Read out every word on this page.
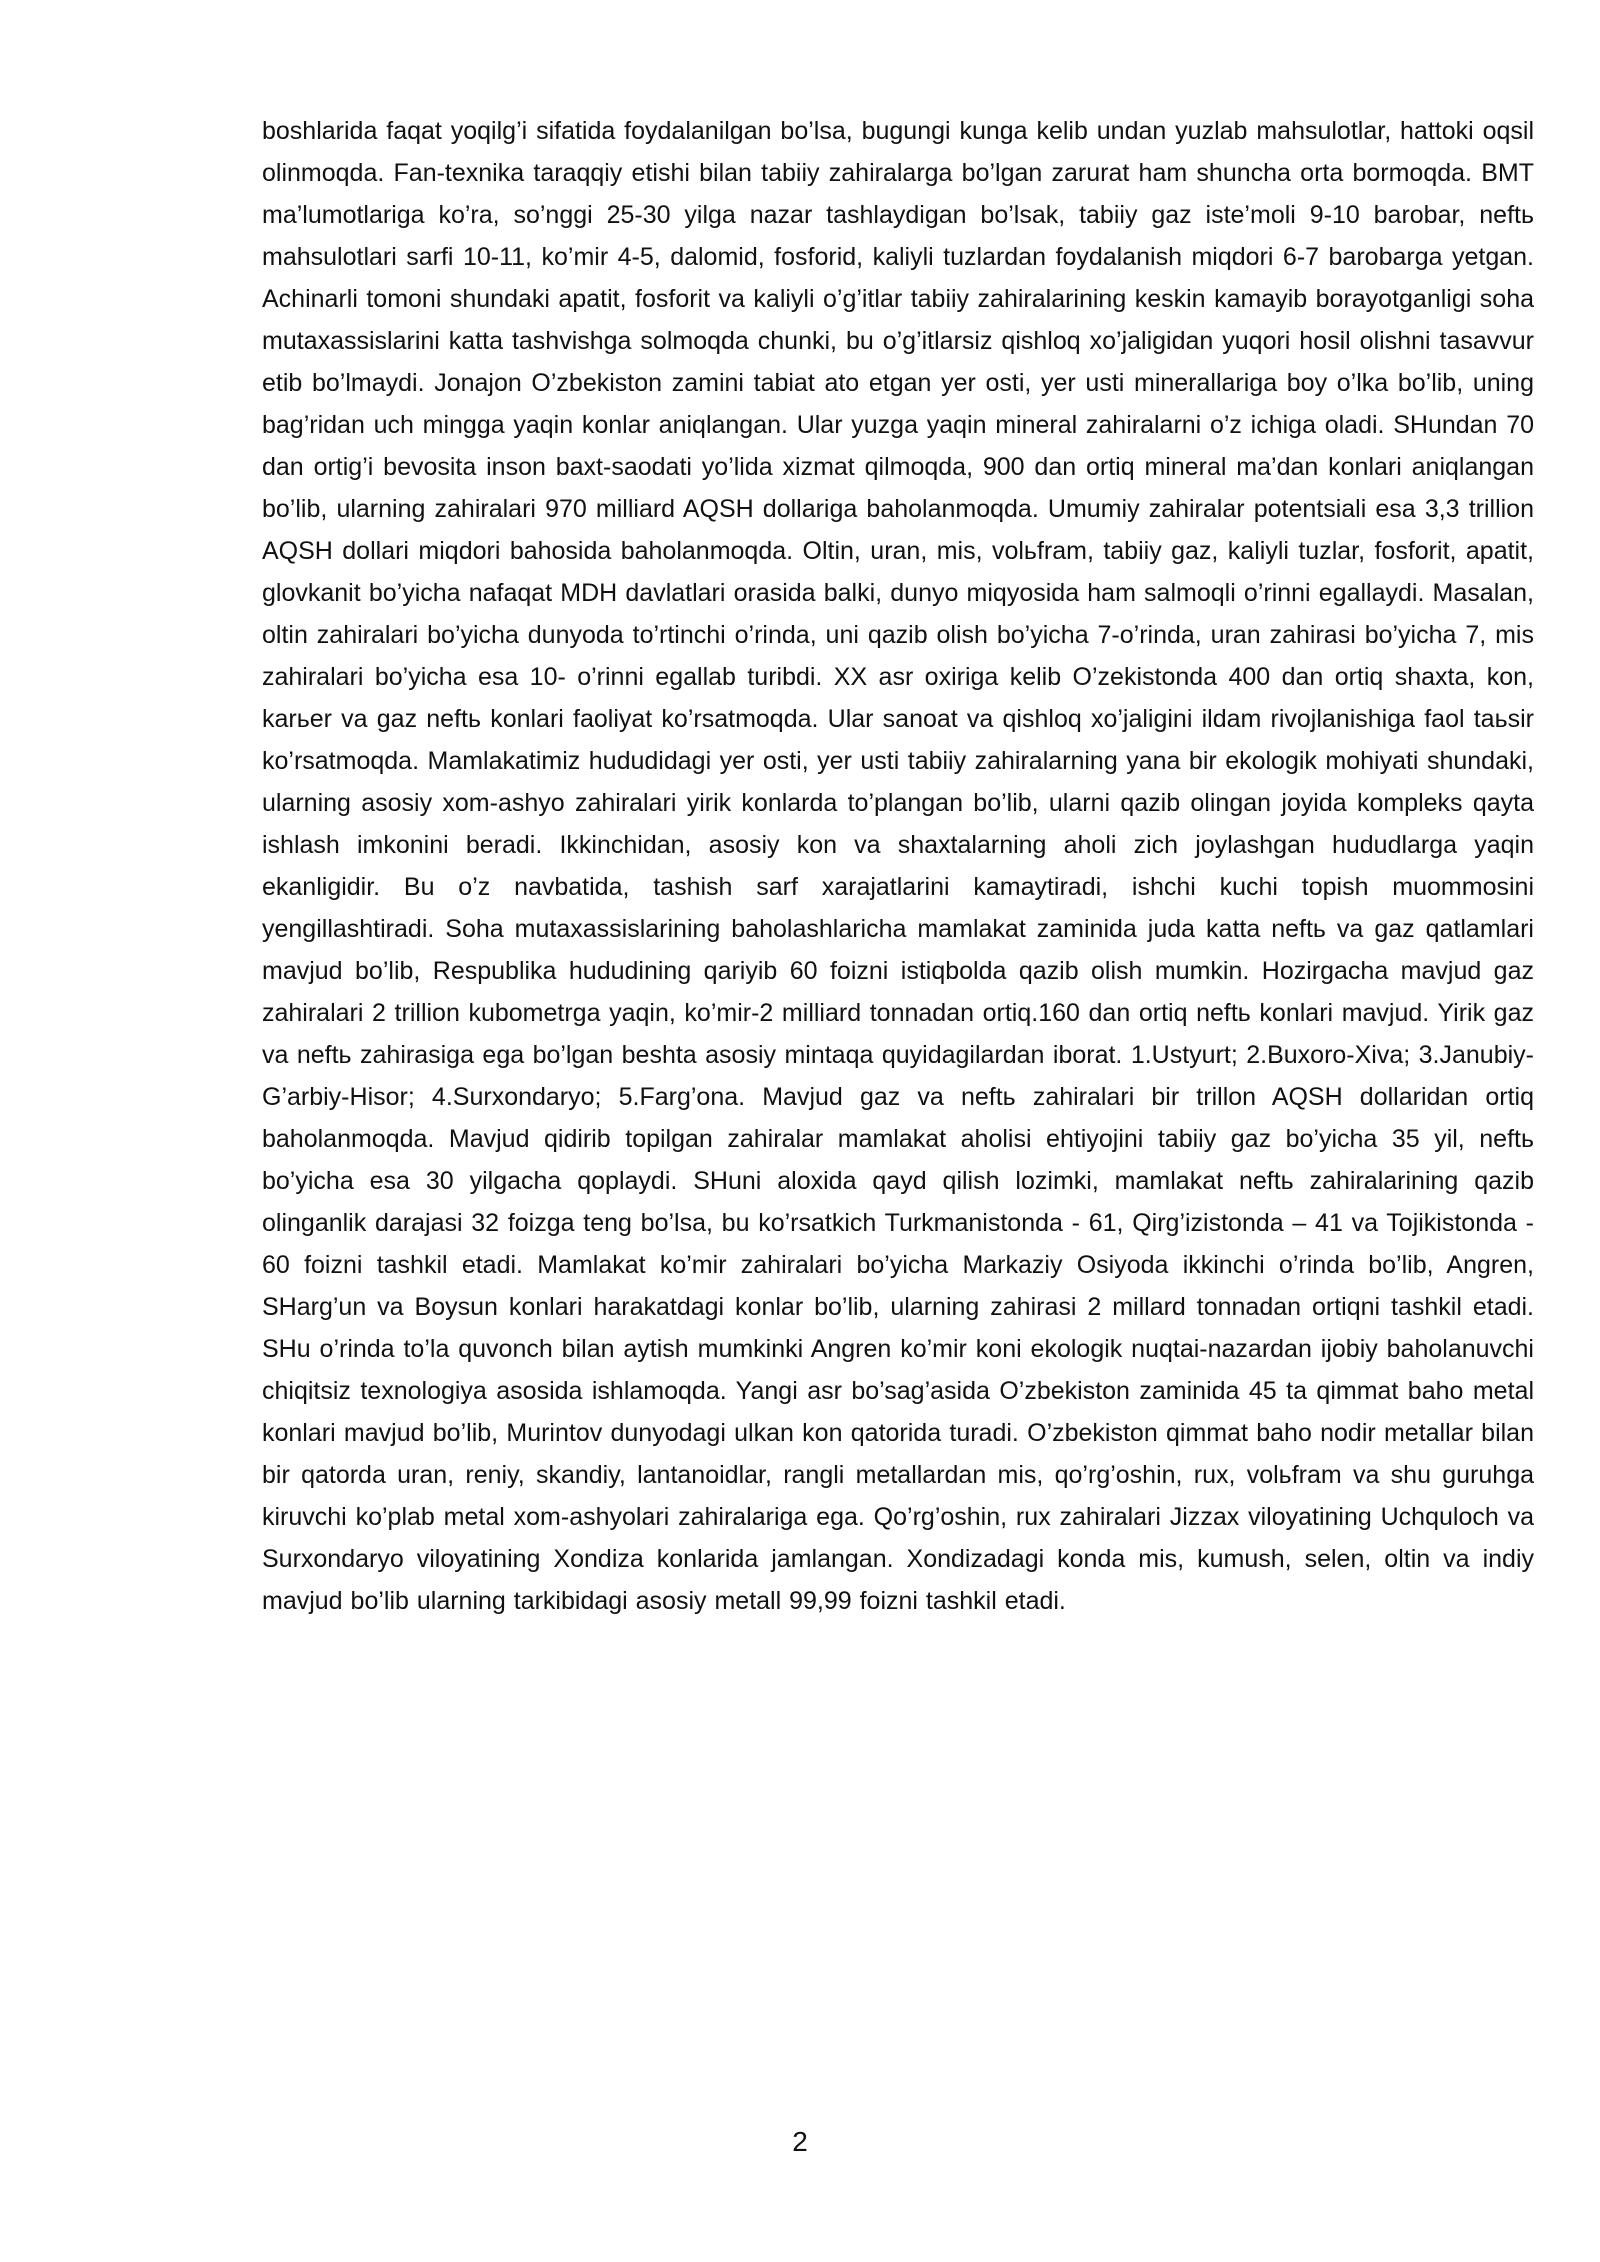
boshlarida faqat yoqilg’i sifatida foydalanilgan bo’lsa, bugungi kunga kelib undan yuzlab mahsulotlar, hattoki oqsil olinmoqda. Fan-texnika taraqqiy etishi bilan tabiiy zahiralarga bo’lgan zarurat ham shuncha orta bormoqda. BMT ma’lumotlariga ko’ra, so’nggi 25-30 yilga nazar tashlaydigan bo’lsak, tabiiy gaz iste’moli 9-10 barobar, neftь mahsulotlari sarfi 10-11, ko’mir 4-5, dalomid, fosforid, kaliyli tuzlardan foydalanish miqdori 6-7 barobarga yetgan. Achinarli tomoni shundaki apatit, fosforit va kaliyli o’g’itlar tabiiy zahiralarining keskin kamayib borayotganligi soha mutaxassislarini katta tashvishga solmoqda chunki, bu o’g’itlarsiz qishloq xo’jaligidan yuqori hosil olishni tasavvur etib bo’lmaydi. Jonajon O’zbekiston zamini tabiat ato etgan yer osti, yer usti minerallariga boy o’lka bo’lib, uning bag’ridan uch mingga yaqin konlar aniqlangan. Ular yuzga yaqin mineral zahiralarni o’z ichiga oladi. SHundan 70 dan ortig’i bevosita inson baxt-saodati yo’lida xizmat qilmoqda, 900 dan ortiq mineral ma’dan konlari aniqlangan bo’lib, ularning zahiralari 970 milliard AQSH dollariga baholanmoqda. Umumiy zahiralar potentsiali esa 3,3 trillion AQSH dollari miqdori bahosida baholanmoqda. Oltin, uran, mis, volьfram, tabiiy gaz, kaliyli tuzlar, fosforit, apatit, glovkanit bo’yicha nafaqat MDH davlatlari orasida balki, dunyo miqyosida ham salmoqli o’rinni egallaydi. Masalan, oltin zahiralari bo’yicha dunyoda to’rtinchi o’rinda, uni qazib olish bo’yicha 7-o’rinda, uran zahirasi bo’yicha 7, mis zahiralari bo’yicha esa 10- o’rinni egallab turibdi. XX asr oxiriga kelib O’zekistonda 400 dan ortiq shaxta, kon, karьer va gaz neftь konlari faoliyat ko’rsatmoqda. Ular sanoat va qishloq xo’jaligini ildam rivojlanishiga faol taьsir ko’rsatmoqda. Mamlakatimiz hududidagi yer osti, yer usti tabiiy zahiralarning yana bir ekologik mohiyati shundaki, ularning asosiy xom-ashyo zahiralari yirik konlarda to’plangan bo’lib, ularni qazib olingan joyida kompleks qayta ishlash imkonini beradi. Ikkinchidan, asosiy kon va shaxtalarning aholi zich joylashgan hududlarga yaqin ekanligidir. Bu o’z navbatida, tashish sarf xarajatlarini kamaytiradi, ishchi kuchi topish muommosini yengillashtiradi. Soha mutaxassislarining baholashlaricha mamlakat zaminida juda katta neftь va gaz qatlamlari mavjud bo’lib, Respublika hududining qariyib 60 foizni istiqbolda qazib olish mumkin. Hozirgacha mavjud gaz zahiralari 2 trillion kubometrga yaqin, ko’mir-2 milliard tonnadan ortiq.160 dan ortiq neftь konlari mavjud. Yirik gaz va neftь zahirasiga ega bo’lgan beshta asosiy mintaqa quyidagilardan iborat. 1.Ustyurt; 2.Buxoro-Xiva; 3.Janubiy-G’arbiy-Hisor; 4.Surxondaryo; 5.Farg’ona. Mavjud gaz va neftь zahiralari bir trillon AQSH dollaridan ortiq baholanmoqda. Mavjud qidirib topilgan zahiralar mamlakat aholisi ehtiyojini tabiiy gaz bo’yicha 35 yil, neftь bo’yicha esa 30 yilgacha qoplaydi. SHuni aloxida qayd qilish lozimki, mamlakat neftь zahiralarining qazib olinganlik darajasi 32 foizga teng bo’lsa, bu ko’rsatkich Turkmanistonda - 61, Qirg’izistonda – 41 va Tojikistonda - 60 foizni tashkil etadi. Mamlakat ko’mir zahiralari bo’yicha Markaziy Osiyoda ikkinchi o’rinda bo’lib, Angren, SHarg’un va Boysun konlari harakatdagi konlar bo’lib, ularning zahirasi 2 millard tonnadan ortiqni tashkil etadi. SHu o’rinda to’la quvonch bilan aytish mumkinki Angren ko’mir koni ekologik nuqtai-nazardan ijobiy baholanuvchi chiqitsiz texnologiya asosida ishlamoqda. Yangi asr bo’sag’asida O’zbekiston zaminida 45 ta qimmat baho metal konlari mavjud bo’lib, Murintov dunyodagi ulkan kon qatorida turadi. O’zbekiston qimmat baho nodir metallar bilan bir qatorda uran, reniy, skandiy, lantanoidlar, rangli metallardan mis, qo’rg’oshin, rux, volьfram va shu guruhga kiruvchi ko’plab metal xom-ashyolari zahiralariga ega. Qo’rg’oshin, rux zahiralari Jizzax viloyatining Uchquloch va Surxondaryo viloyatining Xondiza konlarida jamlangan. Xondizadagi konda mis, kumush, selen, oltin va indiy mavjud bo’lib ularning tarkibidagi asosiy metall 99,99 foizni tashkil etadi.

2
